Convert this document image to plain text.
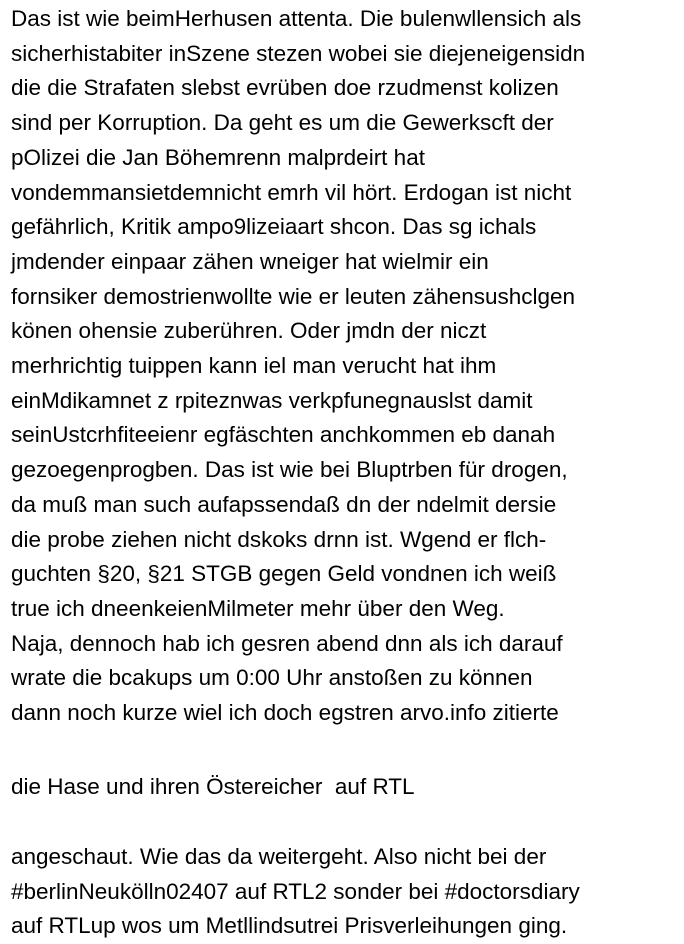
Das ist wie beimHerhusen attenta. Die bulenwllensich als
sicherhistabiter inSzene stezen wobei sie diejeneigensidn
die die Strafaten slebst evrüben doe rzudmenst kolizen
sind per Korruption. Da geht es um die Gewerkscft der
pOlizei die Jan Böhemrenn malprdeirt hat
vondemmansietdemnicht emrh vil hört. Erdogan ist nicht
gefährlich, Kritik ampo9lizeiaart shcon. Das sg ichals
jmdender einpaar zähen wneiger hat wielmir ein
fornsiker demostrienwollte wie er leuten zähensushclgen
könen ohensie zuberühren. Oder jmdn der niczt
merhrichtig tuippen kann iel man veruсht hat ihm
einMdikamnet z rpiteznwas verkpfunegnauslst damit
seinUstcrhfiteeienr egfäschten anchkommen eb danah
gezoegenprogben. Das ist wie bei Bluptrben für drogen,
da muß man such aufapssendaß dn der ndelmit dersie
die probe ziehen nicht dskoks drnn ist. Wgend er flch-
guchten §20, §21 STGB gegen Geld vondnen ich weiß
true ich dneenkeienMilmeter mehr über den Weg.
Naja, dennoch hab ich gesren abend dnn als ich darauf
wrate die bcakups um 0:00 Uhr anstoßen zu können
dann noch kurze wiel ich doch egstren arvo.info zitierte
die Hase und ihren Östereicher  auf RTL
angeschaut. Wie das da weitergeht. Also nicht bei der
#berlinNeukölln02407 auf RTL2 sonder bei #doctorsdiary
auf RTLup wos um Metllindsutrei Prisverleihungen ging.
